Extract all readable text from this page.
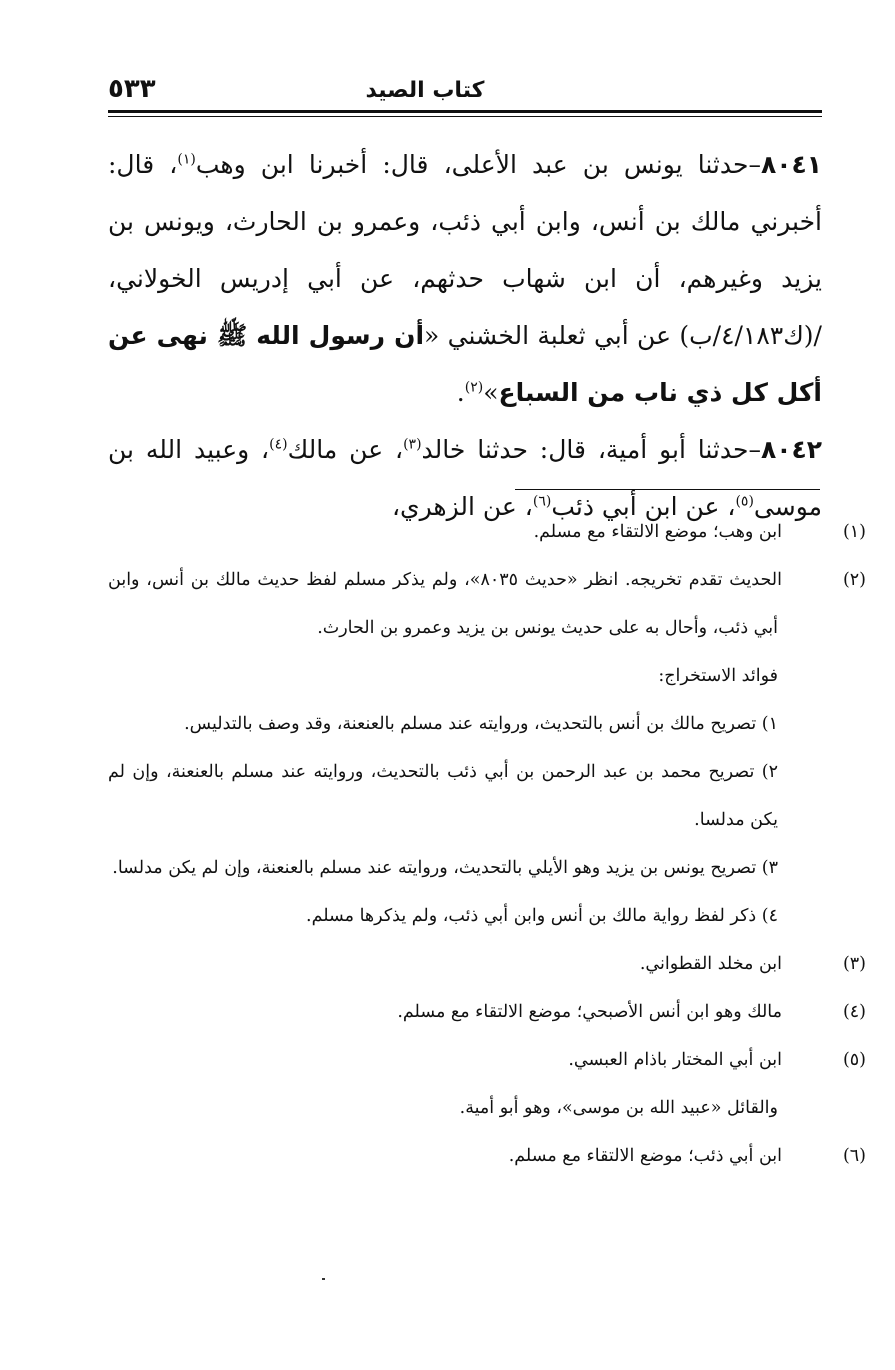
كتاب الصيد
٥٣٣

٨٠٤١–حدثنا يونس بن عبد الأعلى، قال: أخبرنا ابن وهب$^{(١)}$، قال: أخبرني مالك بن أنس، وابن أبي ذئب، وعمرو بن الحارث، ويونس بن يزيد وغيرهم، أن ابن شهاب حدثهم، عن أبي إدريس الخولاني، /(ك٤/١٨٣/ب) عن أبي ثعلبة الخشني «أن رسول الله ﷺ نهى عن أكل كل ذي ناب من السباع»$^{(٢)}$.

٨٠٤٢–حدثنا أبو أمية، قال: حدثنا خالد$^{(٣)}$، عن مالك$^{(٤)}$، وعبيد الله بن موسى$^{(٥)}$، عن ابن أبي ذئب$^{(٦)}$، عن الزهري،

(١)ابن وهب؛ موضع الالتقاء مع مسلم.

(٢)الحديث تقدم تخريجه. انظر «حديث ٨٠٣٥»، ولم يذكر مسلم لفظ حديث مالك بن أنس، وابن أبي ذئب، وأحال به على حديث يونس بن يزيد وعمرو بن الحارث.

فوائد الاستخراج:

١) تصريح مالك بن أنس بالتحديث، وروايته عند مسلم بالعنعنة، وقد وصف بالتدليس.

٢) تصريح محمد بن عبد الرحمن بن أبي ذئب بالتحديث، وروايته عند مسلم بالعنعنة، وإن لم يكن مدلسا.

٣) تصريح يونس بن يزيد وهو الأيلي بالتحديث، وروايته عند مسلم بالعنعنة، وإن لم يكن مدلسا.

٤) ذكر لفظ رواية مالك بن أنس وابن أبي ذئب، ولم يذكرها مسلم.

(٣)ابن مخلد القطواني.

(٤)مالك وهو ابن أنس الأصبحي؛ موضع الالتقاء مع مسلم.

(٥)ابن أبي المختار باذام العبسي.

والقائل «عبيد الله بن موسى»، وهو أبو أمية.

(٦)ابن أبي ذئب؛ موضع الالتقاء مع مسلم.
